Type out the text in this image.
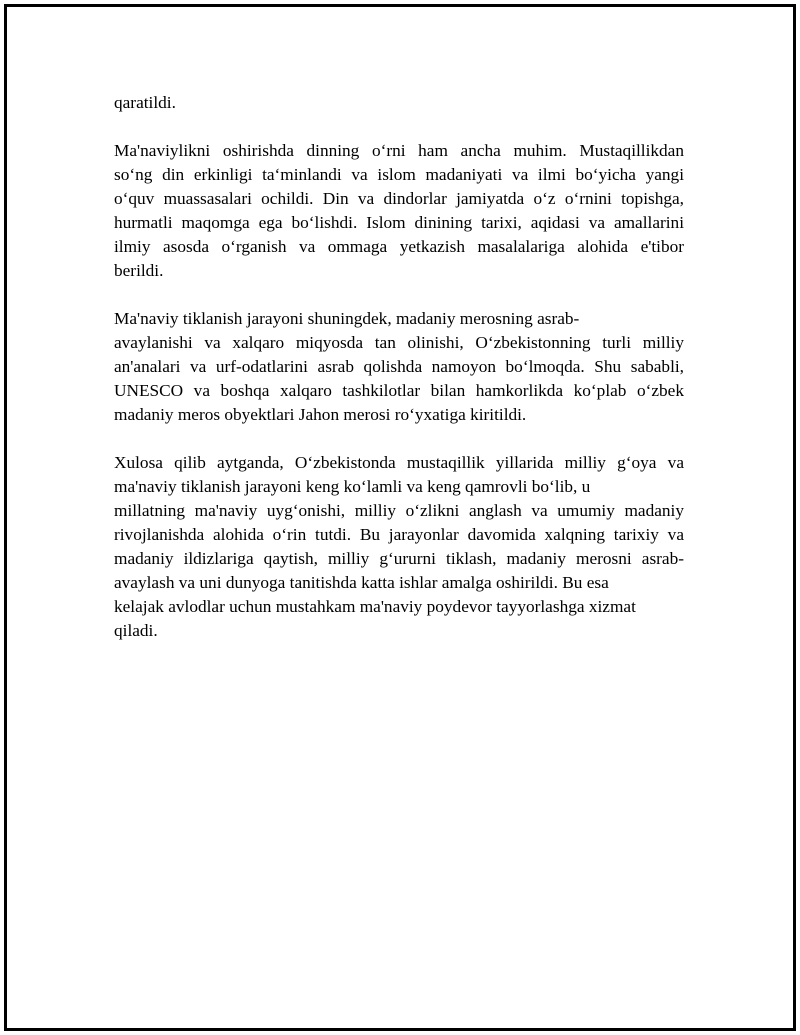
qaratildi.

Ma'naviylikni oshirishda dinning o‘rni ham ancha muhim. Mustaqillikdan
so‘ng din erkinligi ta‘minlandi va islom madaniyati va ilmi bo‘yicha yangi
o‘quv muassasalari ochildi. Din va dindorlar jamiyatda o‘z o‘rnini topishga,
hurmatli maqomga ega bo‘lishdi. Islom dinining tarixi, aqidasi va amallarini
ilmiy asosda o‘rganish va ommaga yetkazish masalalariga alohida e'tibor
berildi.

Ma'naviy tiklanish jarayoni shuningdek, madaniy merosning asrab-
avaylanishi va xalqaro miqyosda tan olinishi, O‘zbekistonning turli milliy
an'analari va urf-odatlarini asrab qolishda namoyon bo‘lmoqda. Shu sababli,
UNESCO va boshqa xalqaro tashkilotlar bilan hamkorlikda ko‘plab o‘zbek
madaniy meros obyektlari Jahon merosi ro‘yxatiga kiritildi.

Xulosa qilib aytganda, O‘zbekistonda mustaqillik yillarida milliy g‘oya va
ma'naviy tiklanish jarayoni keng ko‘lamli va keng qamrovli bo‘lib, u
millatning ma'naviy uyg‘onishi, milliy o‘zlikni anglash va umumiy madaniy
rivojlanishda alohida o‘rin tutdi. Bu jarayonlar davomida xalqning tarixiy va
madaniy ildizlariga qaytish, milliy g‘ururni tiklash, madaniy merosni asrab-
avaylash va uni dunyoga tanitishda katta ishlar amalga oshirildi. Bu esa
kelajak avlodlar uchun mustahkam ma'naviy poydevor tayyorlashga xizmat
qiladi.
